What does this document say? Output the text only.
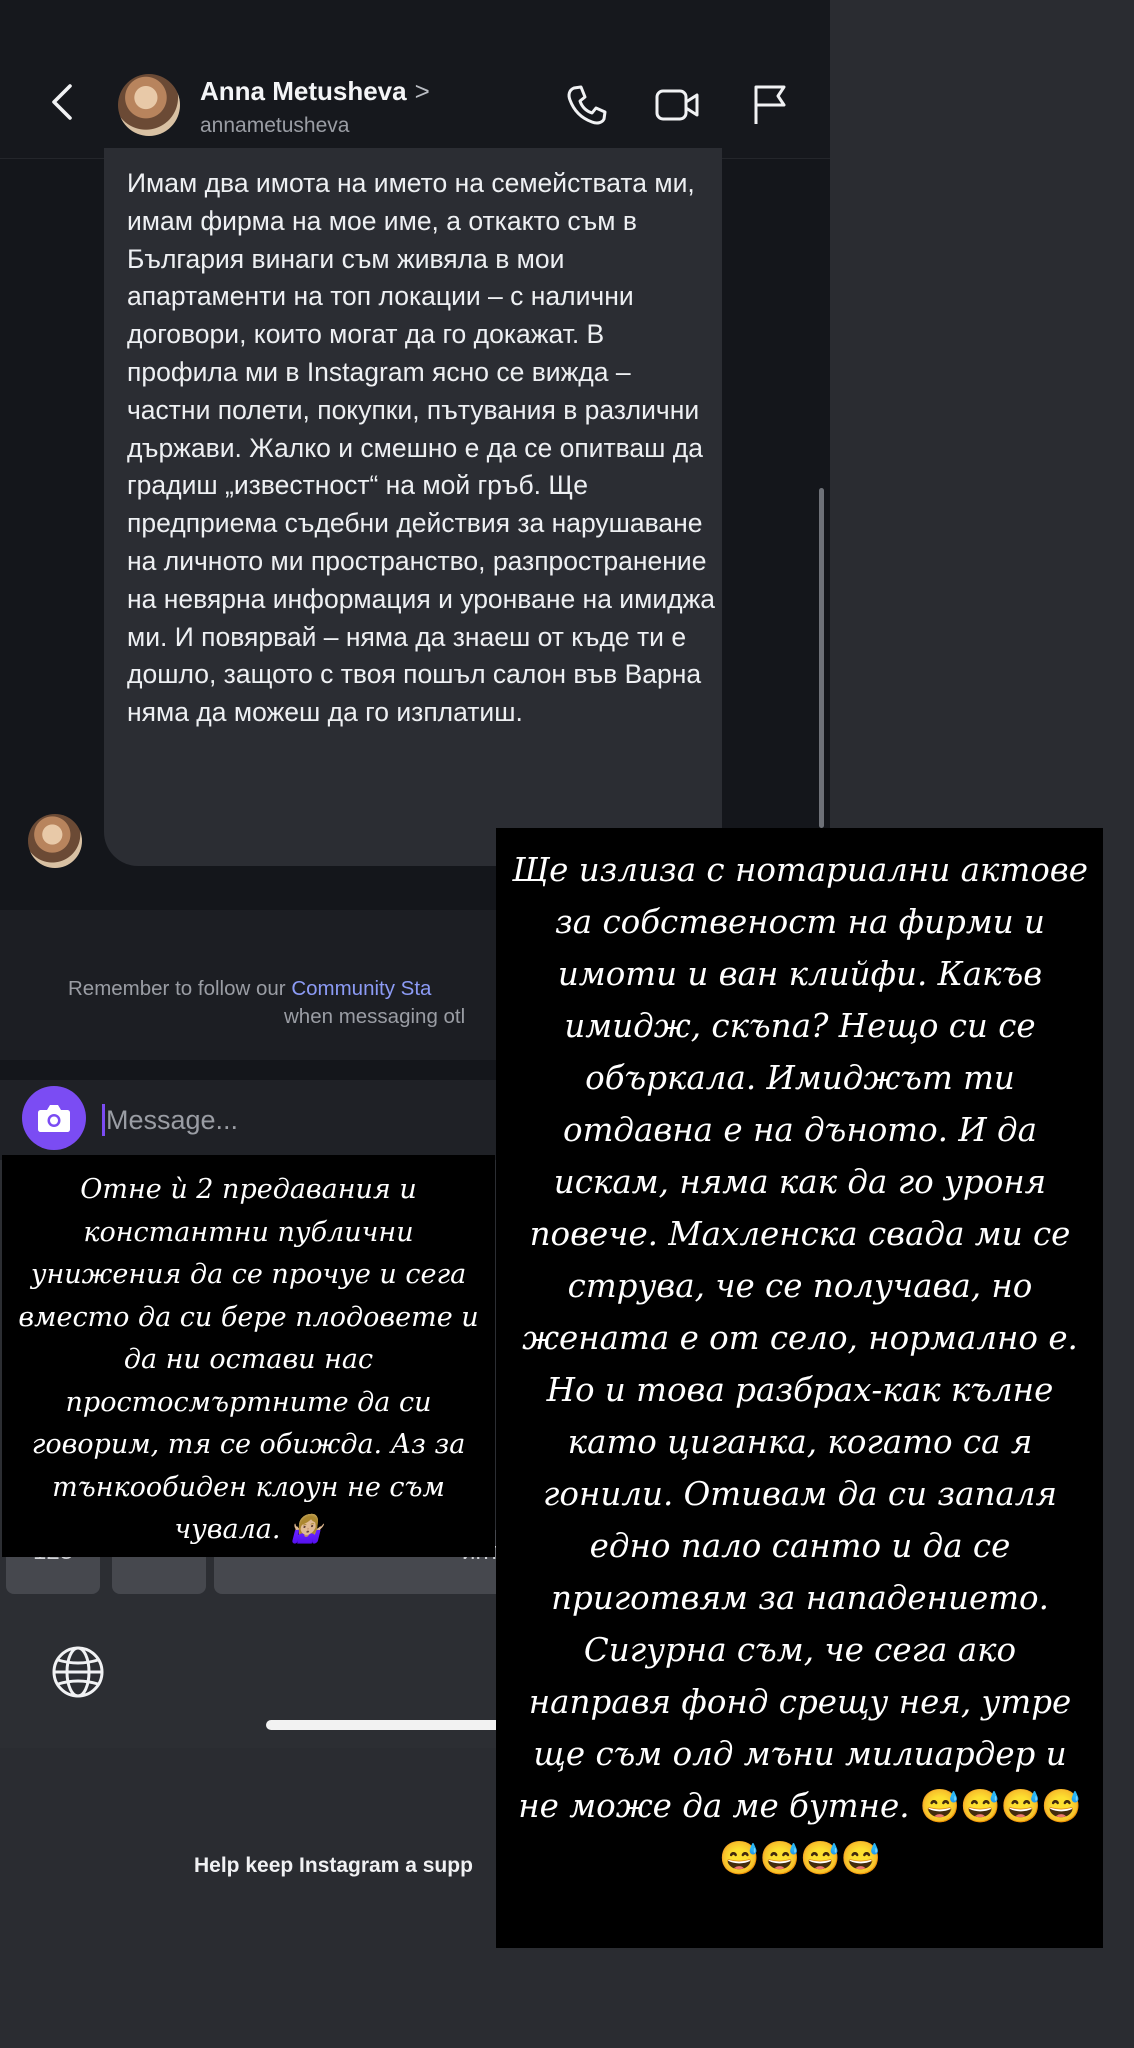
Anna Metusheva >
annametusheva

Имам два имота на името на семействата ми, имам фирма на мое име, а откакто съм в България винаги съм живяла в мои апартаменти на топ локации – с налични договори, които могат да го докажат. В профила ми в Instagram ясно се вижда – частни полети, покупки, пътувания в различни държави. Жалко и смешно е да се опитваш да градиш „известност“ на мой гръб. Ще предприема съдебни действия за нарушаване на личното ми пространство, разпространение на невярна информация и уронване на имиджа ми. И повярвай – няма да знаеш от къде ти е дошло, защото с твоя пошъл салон във Варна няма да можеш да го изплатиш.

Help keep Instagram a supp
Remember to follow our Community Sta
when messaging otl
Message...

Отне ѝ 2 предавания и константни публични унижения да се прочуе и сега вместо да си бере плодовете и да ни остави нас простосмъртните да си говорим, тя се обижда. Аз за тънкообиден клоун не съм чувала. 🤷🏼‍♀️

Ще излиза с нотариални актове за собственост на фирми и имоти и ван клийфи. Какъв имидж, скъпа? Нещо си се объркала. Имиджът ти отдавна е на дъното. И да искам, няма как да го уроня повече. Махленска свада ми се струва, че се получава, но жената е от село, нормално е. Но и това разбрах-как кълне като циганка, когато са я гонили. Отивам да си запаля едно пало санто и да се приготвям за нападението. Сигурна съм, че сега ако направя фонд срещу нея, утре ще съм олд мъни милиардер и не може да ме бутне. 😅😅😅😅😅😅😅😅
